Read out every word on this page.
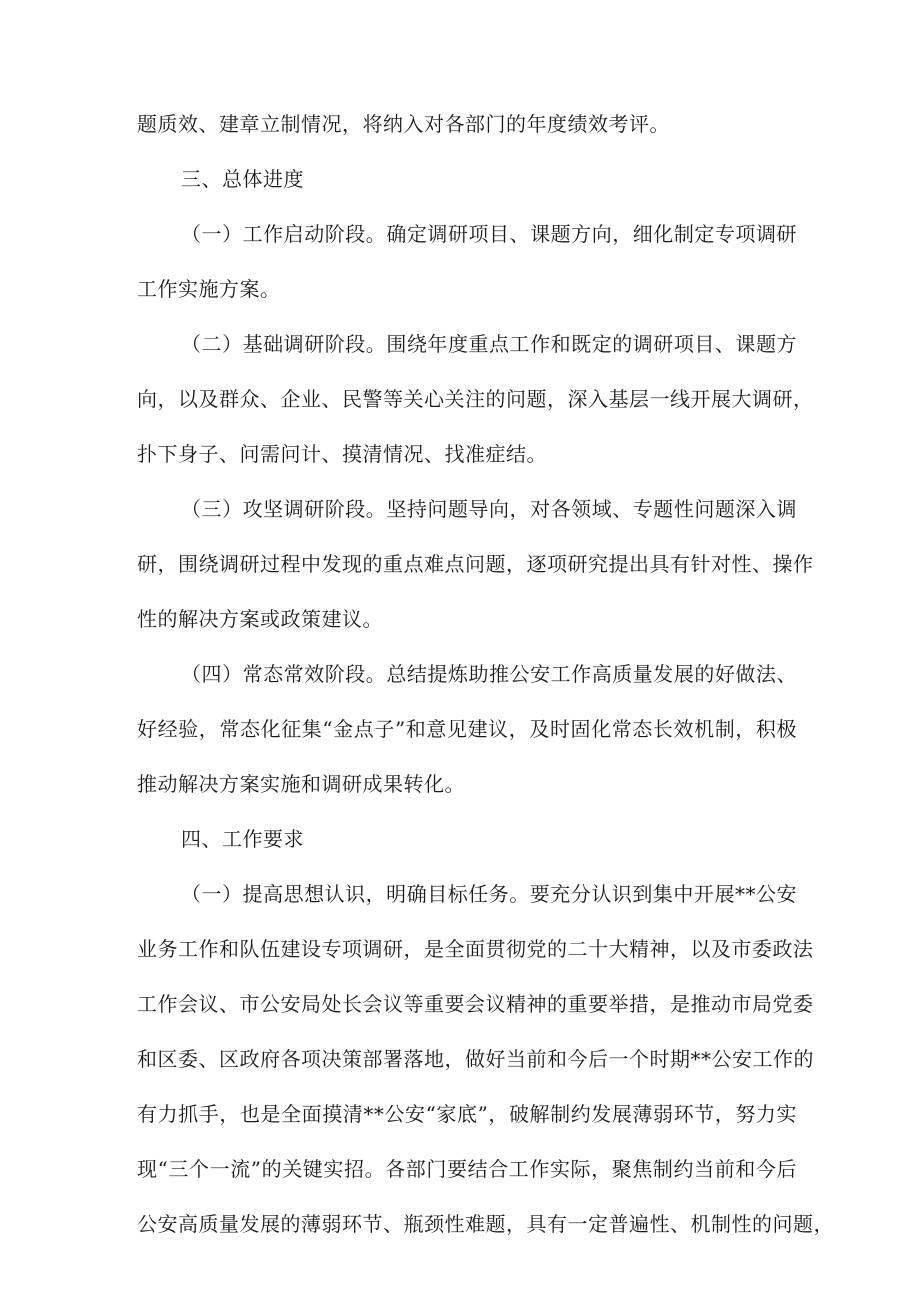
题质效、建章立制情况，将纳入对各部门的年度绩效考评。
三、总体进度
（一）工作启动阶段。确定调研项目、课题方向，细化制定专项调研
工作实施方案。
（二）基础调研阶段。围绕年度重点工作和既定的调研项目、课题方
向，以及群众、企业、民警等关心关注的问题，深入基层一线开展大调研，
扑下身子、问需问计、摸清情况、找准症结。
（三）攻坚调研阶段。坚持问题导向，对各领域、专题性问题深入调
研，围绕调研过程中发现的重点难点问题，逐项研究提出具有针对性、操作
性的解决方案或政策建议。
（四）常态常效阶段。总结提炼助推公安工作高质量发展的好做法、
好经验，常态化征集“金点子”和意见建议，及时固化常态长效机制，积极
推动解决方案实施和调研成果转化。
四、工作要求
（一）提高思想认识，明确目标任务。要充分认识到集中开展**公安
业务工作和队伍建设专项调研，是全面贯彻党的二十大精神，以及市委政法
工作会议、市公安局处长会议等重要会议精神的重要举措，是推动市局党委
和区委、区政府各项决策部署落地，做好当前和今后一个时期**公安工作的
有力抓手，也是全面摸清**公安“家底”，破解制约发展薄弱环节，努力实
现“三个一流”的关键实招。各部门要结合工作实际，聚焦制约当前和今后
公安高质量发展的薄弱环节、瓶颈性难题，具有一定普遍性、机制性的问题，
